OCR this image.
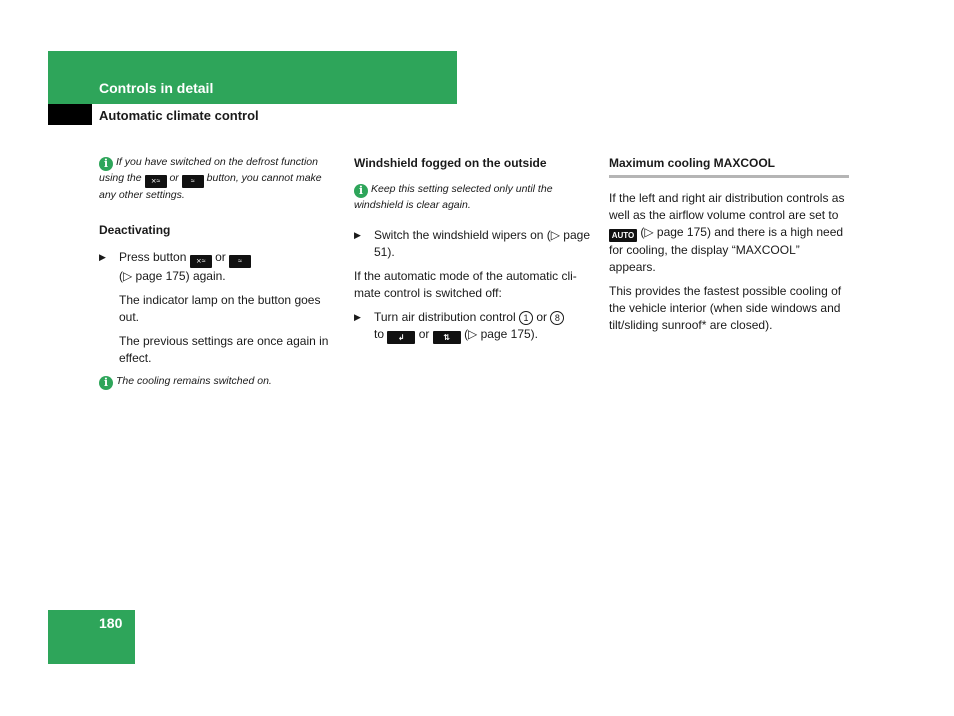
Controls in detail
Automatic climate control

i If you have switched on the defrost function using the ⨯≈ or ≈ button, you cannot make any other settings.

Deactivating

▶ Press button ⨯≈ or ≈
(▷ page 175) again.

The indicator lamp on the button goes out.

The previous settings are once again in effect.

i The cooling remains switched on.

Windshield fogged on the outside

i Keep this setting selected only until the windshield is clear again.

▶ Switch the windshield wipers on (▷ page 51).

If the automatic mode of the automatic cli-mate control is switched off:

▶ Turn air distribution control 1 or 8
to ↲ or ⇅ (▷ page 175).

Maximum cooling MAXCOOL

If the left and right air distribution controls as well as the airflow volume control are set to AUTO (▷ page 175) and there is a high need for cooling, the display “MAXCOOL” appears.

This provides the fastest possible cooling of the vehicle interior (when side windows and tilt/sliding sunroof* are closed).

180
